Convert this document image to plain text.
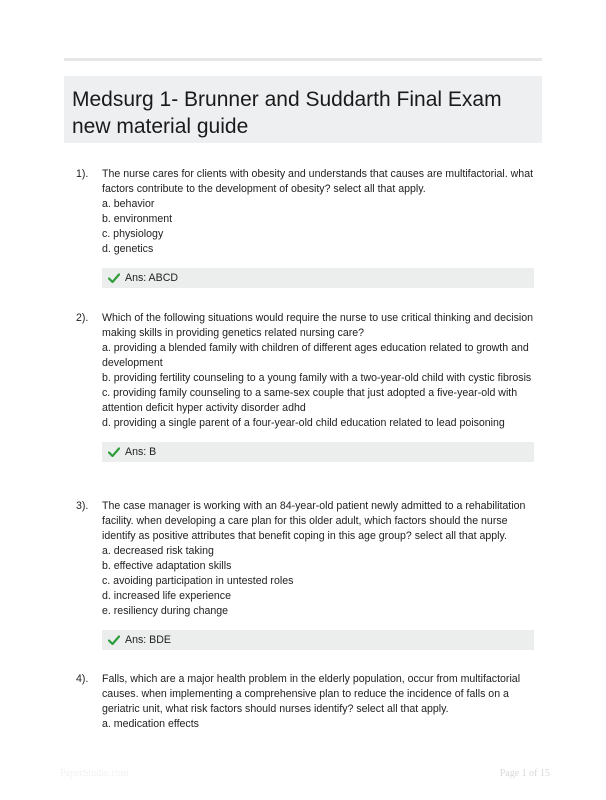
Medsurg 1- Brunner and Suddarth Final Exam new material guide
1). The nurse cares for clients with obesity and understands that causes are multifactorial. what factors contribute to the development of obesity? select all that apply.

a. behavior
b. environment
c. physiology
d. genetics
Ans: ABCD
2). Which of the following situations would require the nurse to use critical thinking and decision making skills in providing genetics related nursing care?

a. providing a blended family with children of different ages education related to growth and development
b. providing fertility counseling to a young family with a two-year-old child with cystic fibrosis
c. providing family counseling to a same-sex couple that just adopted a five-year-old with attention deficit hyper activity disorder adhd
d. providing a single parent of a four-year-old child education related to lead poisoning
Ans: B
3). The case manager is working with an 84-year-old patient newly admitted to a rehabilitation facility. when developing a care plan for this older adult, which factors should the nurse identify as positive attributes that benefit coping in this age group? select all that apply.

a. decreased risk taking
b. effective adaptation skills
c. avoiding participation in untested roles
d. increased life experience
e. resiliency during change
Ans: BDE
4). Falls, which are a major health problem in the elderly population, occur from multifactorial causes. when implementing a comprehensive plan to reduce the incidence of falls on a geriatric unit, what risk factors should nurses identify? select all that apply.

a. medication effects
PaperStudio.com	Page 1 of 15
